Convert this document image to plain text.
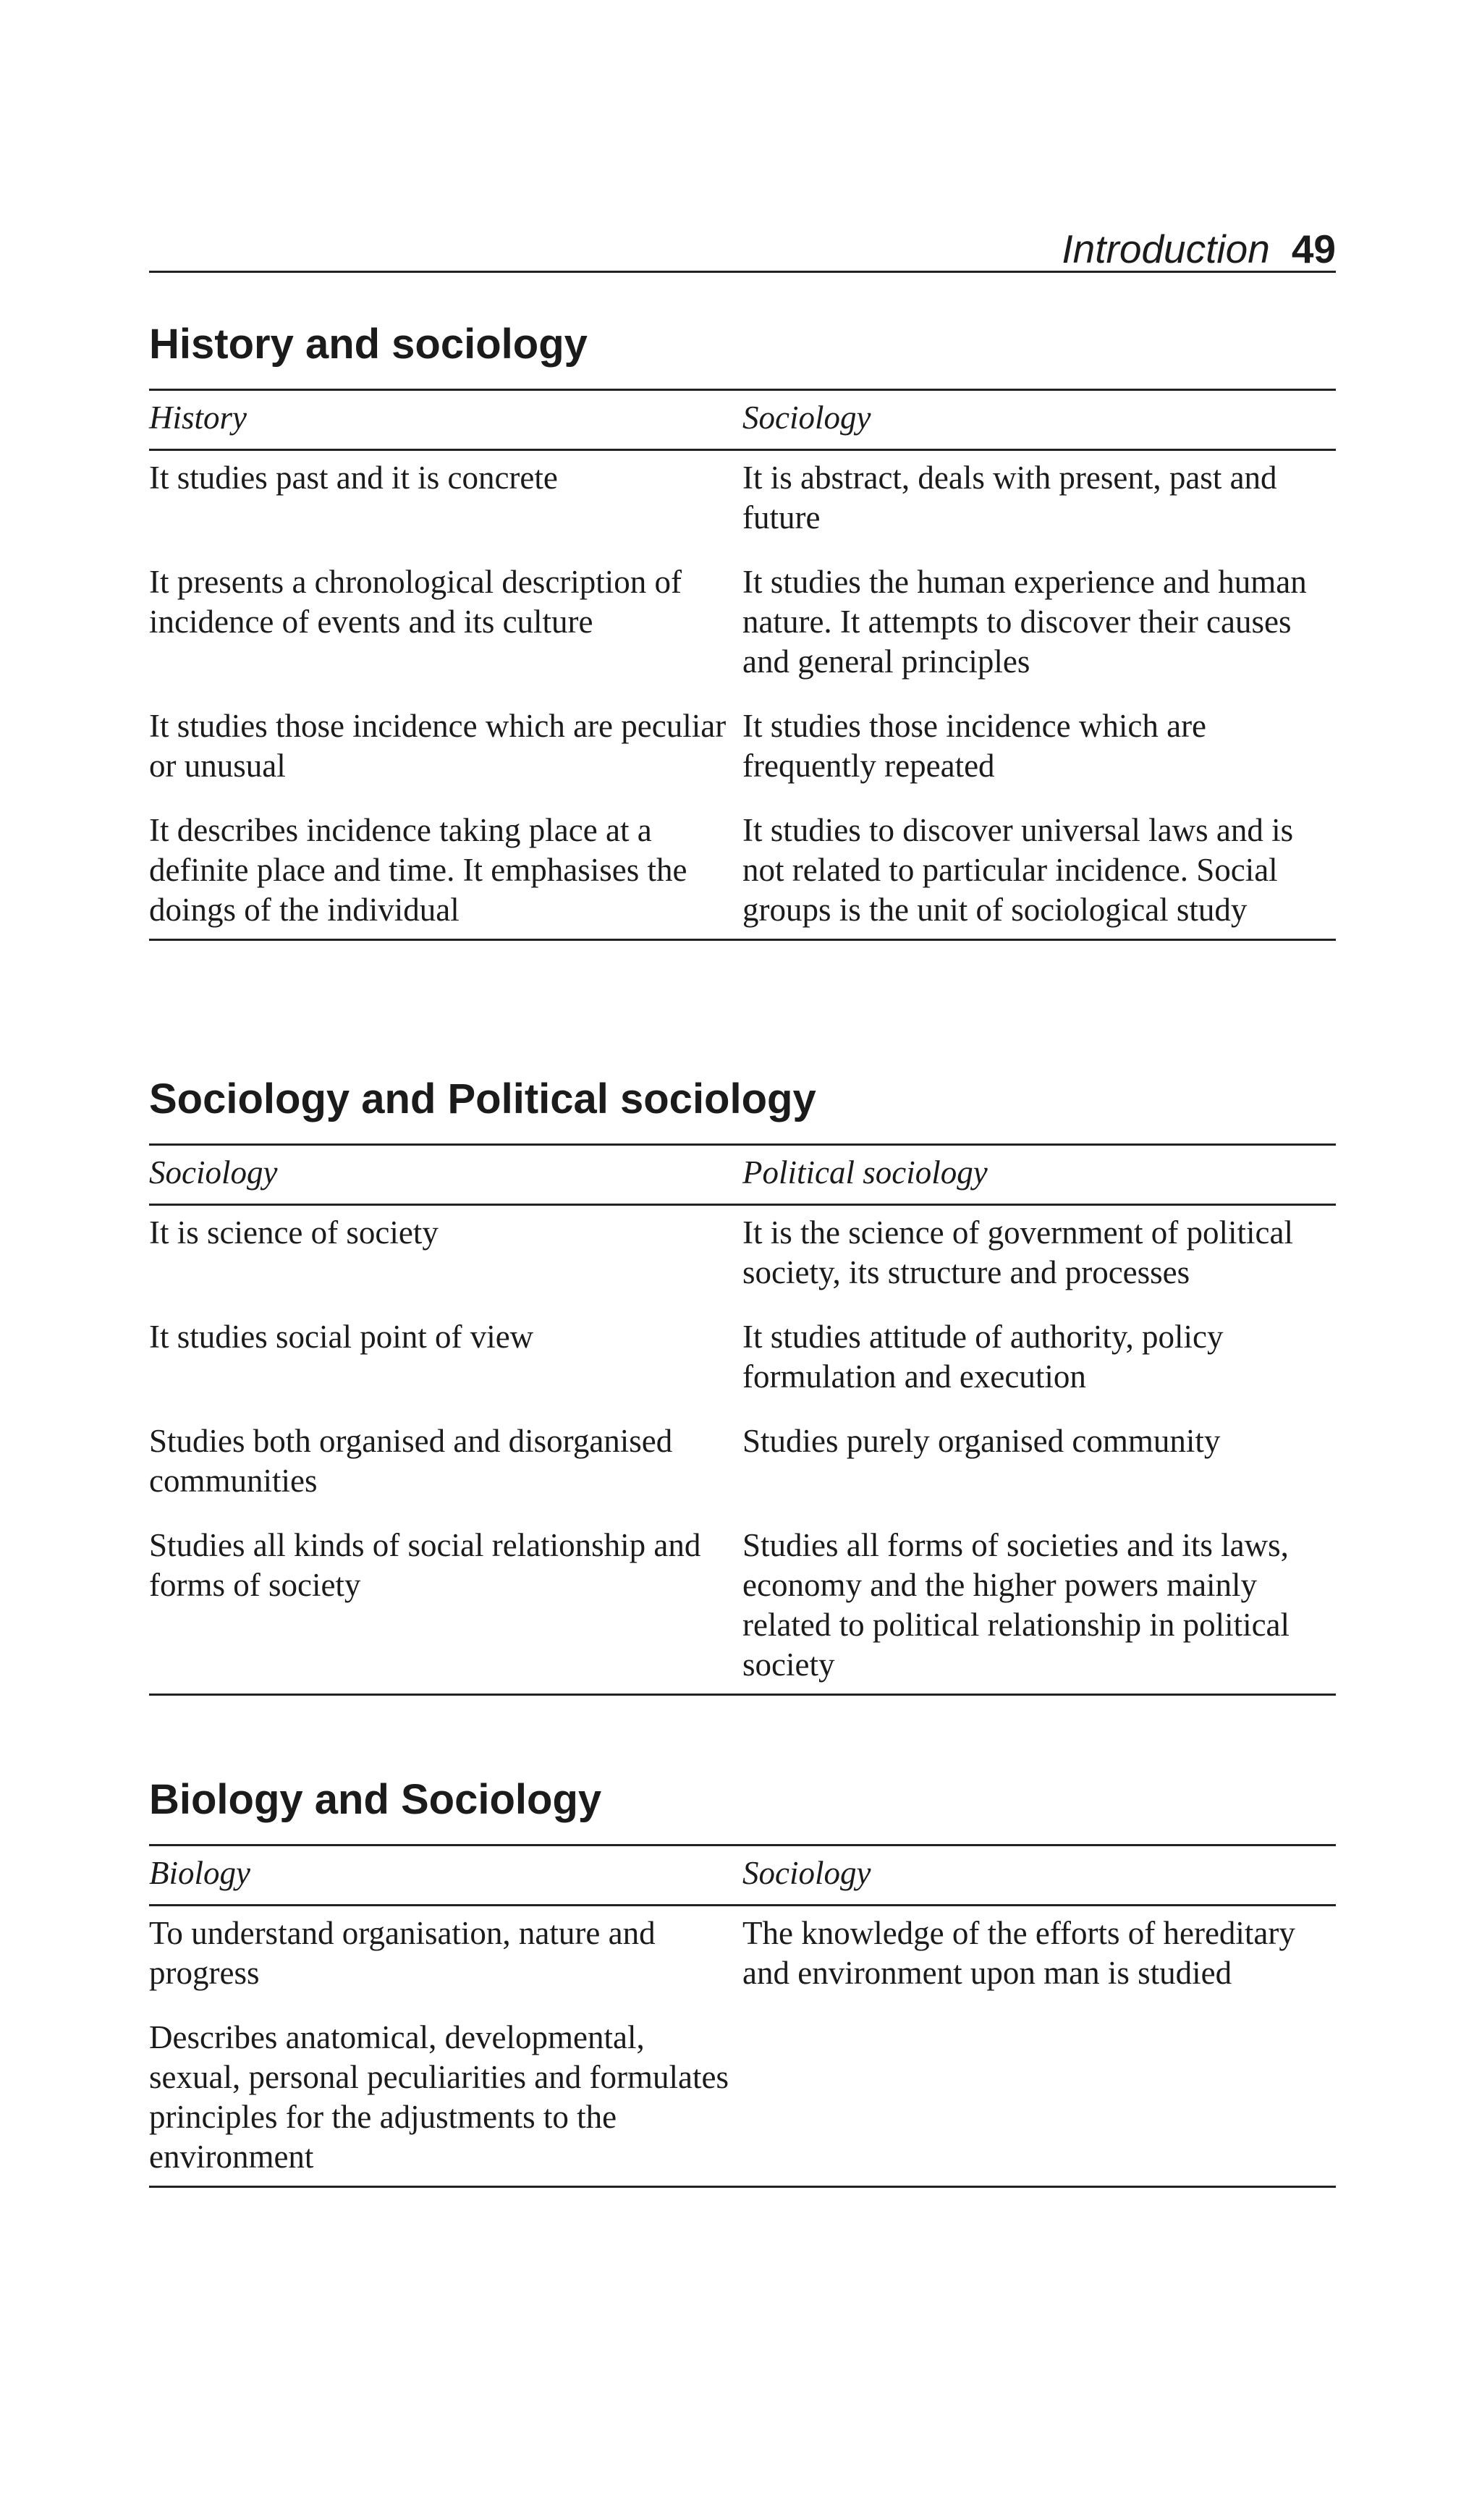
Introduction 49
History and sociology
History	Sociology
It studies past and it is concrete	It is abstract, deals with present, past and future
It presents a chronological description of incidence of events and its culture	It studies the human experience and human nature. It attempts to discover their causes and general principles
It studies those incidence which are peculiar or unusual	It studies those incidence which are frequently repeated
It describes incidence taking place at a definite place and time. It emphasises the doings of the individual	It studies to discover universal laws and is not related to particular incidence. Social groups is the unit of sociological study
Sociology and Political sociology
Sociology	Political sociology
It is science of society	It is the science of government of political society, its structure and processes
It studies social point of view	It studies attitude of authority, policy formulation and execution
Studies both organised and disorganised communities	Studies purely organised community
Studies all kinds of social relationship and forms of society	Studies all forms of societies and its laws, economy and the higher powers mainly related to political relationship in political society
Biology and Sociology
Biology	Sociology
To understand organisation, nature and progress	The knowledge of the efforts of hereditary and environment upon man is studied
Describes anatomical, developmental, sexual, personal peculiarities and formulates principles for the adjustments to the environment	
